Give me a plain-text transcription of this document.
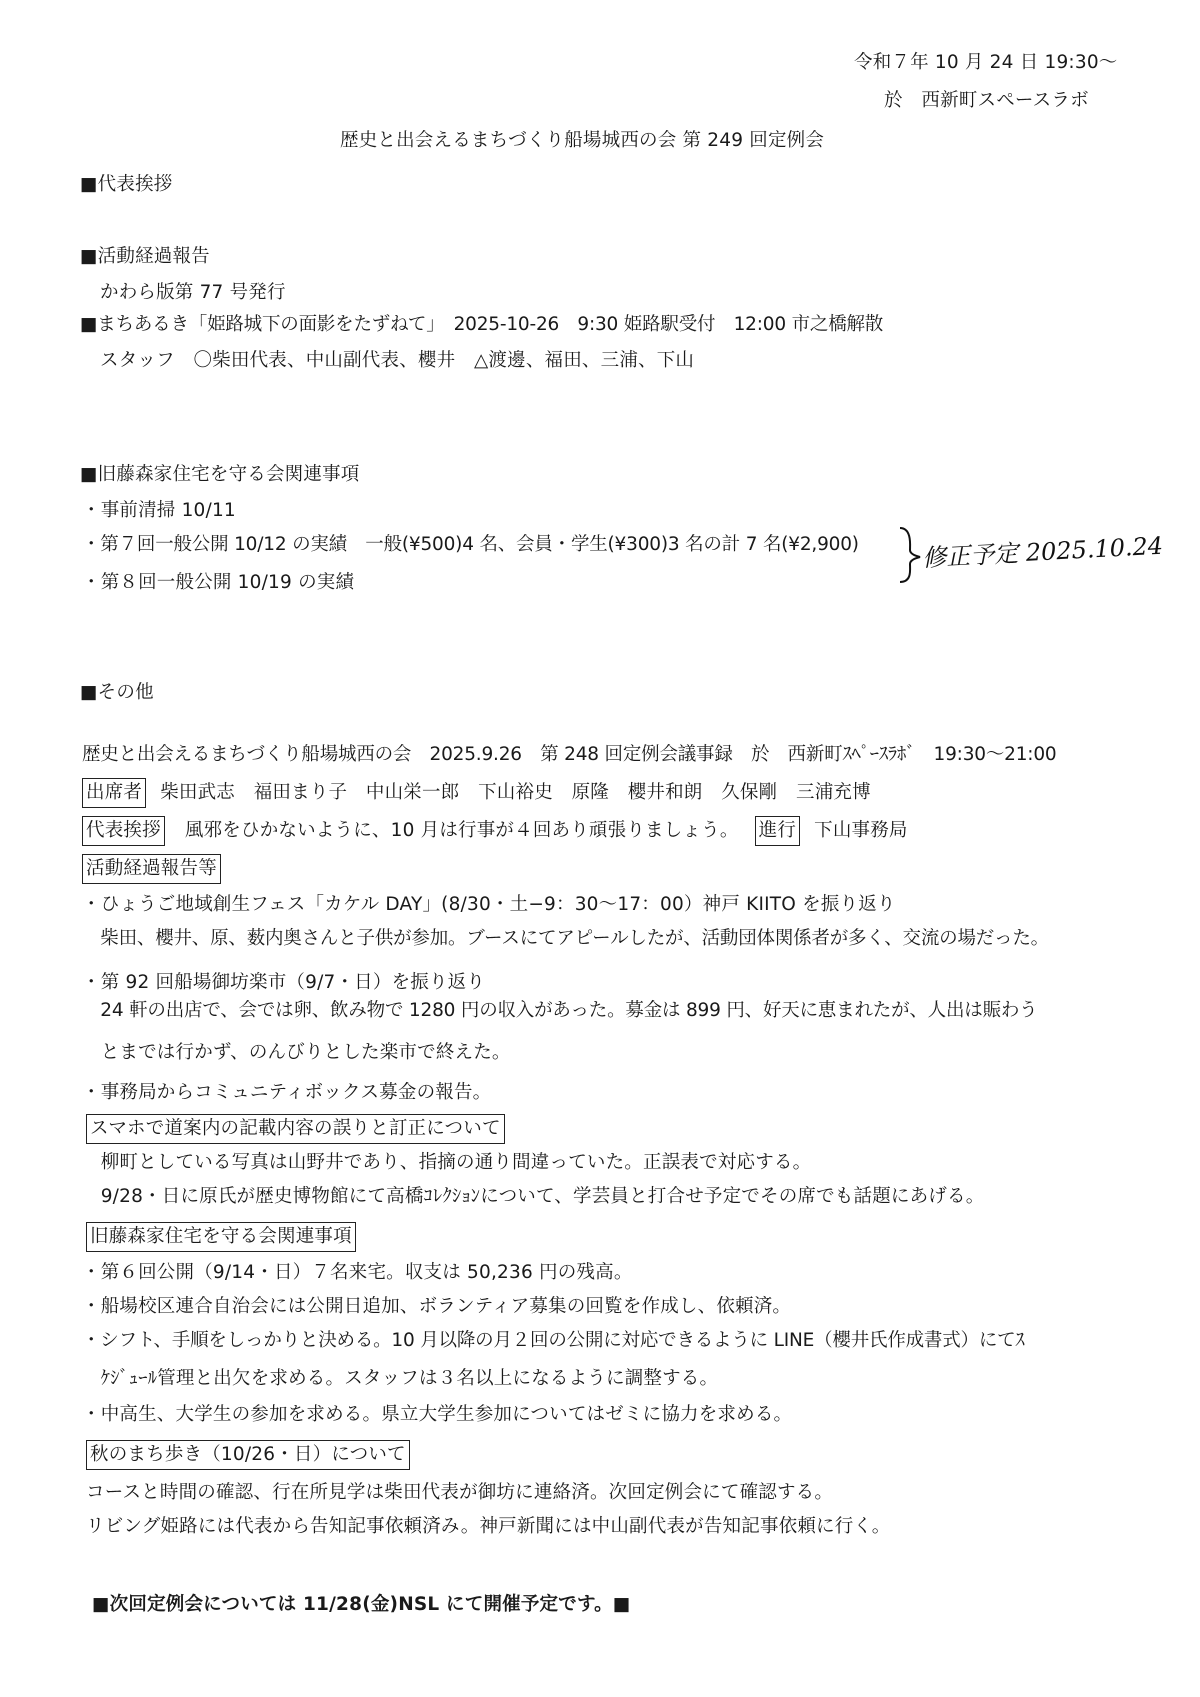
令和７年 10 月 24 日 19:30〜
於　西新町スペースラボ
歴史と出会えるまちづくり船場城西の会 第 249 回定例会
■代表挨拶
■活動経過報告
かわら版第 77 号発行
■まちあるき「姫路城下の面影をたずねて」　2025-10-26　9:30 姫路駅受付　12:00 市之橋解散
スタッフ　〇柴田代表、中山副代表、櫻井　△渡邊、福田、三浦、下山
■旧藤森家住宅を守る会関連事項
・事前清掃 10/11
・第７回一般公開 10/12 の実績　一般(¥500)4 名、会員・学生(¥300)3 名の計 7 名(¥2,900)
・第８回一般公開 10/19 の実績
修正予定 2025.10.24
■その他
歴史と出会えるまちづくり船場城西の会　2025.9.26　第 248 回定例会議事録　於　西新町ｽﾍﾟｰｽﾗﾎﾞ　19:30〜21:00
出席者 柴田武志　福田まり子　中山栄一郎　下山裕史　原隆　櫻井和朗　久保剛　三浦充博
代表挨拶 風邪をひかないように、10 月は行事が４回あり頑張りましょう。 進行 下山事務局
活動経過報告等
・ひょうご地域創生フェス「カケル DAY」(8/30・土−9：30〜17：00）神戸 KIITO を振り返り
　柴田、櫻井、原、薮内奥さんと子供が参加。ブースにてアピールしたが、活動団体関係者が多く、交流の場だった。
・第 92 回船場御坊楽市（9/7・日）を振り返り
　24 軒の出店で、会では卵、飲み物で 1280 円の収入があった。募金は 899 円、好天に恵まれたが、人出は賑わう
　とまでは行かず、のんびりとした楽市で終えた。
・事務局からコミュニティボックス募金の報告。
スマホで道案内の記載内容の誤りと訂正について
　柳町としている写真は山野井であり、指摘の通り間違っていた。正誤表で対応する。
　9/28・日に原氏が歴史博物館にて高橋ｺﾚｸｼｮﾝについて、学芸員と打合せ予定でその席でも話題にあげる。
旧藤森家住宅を守る会関連事項
・第６回公開（9/14・日）７名来宅。収支は 50,236 円の残高。
・船場校区連合自治会には公開日追加、ボランティア募集の回覧を作成し、依頼済。
・シフト、手順をしっかりと決める。10 月以降の月２回の公開に対応できるように LINE（櫻井氏作成書式）にてｽ
　ｹｼﾞｭｰﾙ管理と出欠を求める。スタッフは３名以上になるように調整する。
・中高生、大学生の参加を求める。県立大学生参加についてはゼミに協力を求める。
秋のまち歩き（10/26・日）について
コースと時間の確認、行在所見学は柴田代表が御坊に連絡済。次回定例会にて確認する。
リビング姫路には代表から告知記事依頼済み。神戸新聞には中山副代表が告知記事依頼に行く。
■次回定例会については 11/28(金)NSL にて開催予定です。■
